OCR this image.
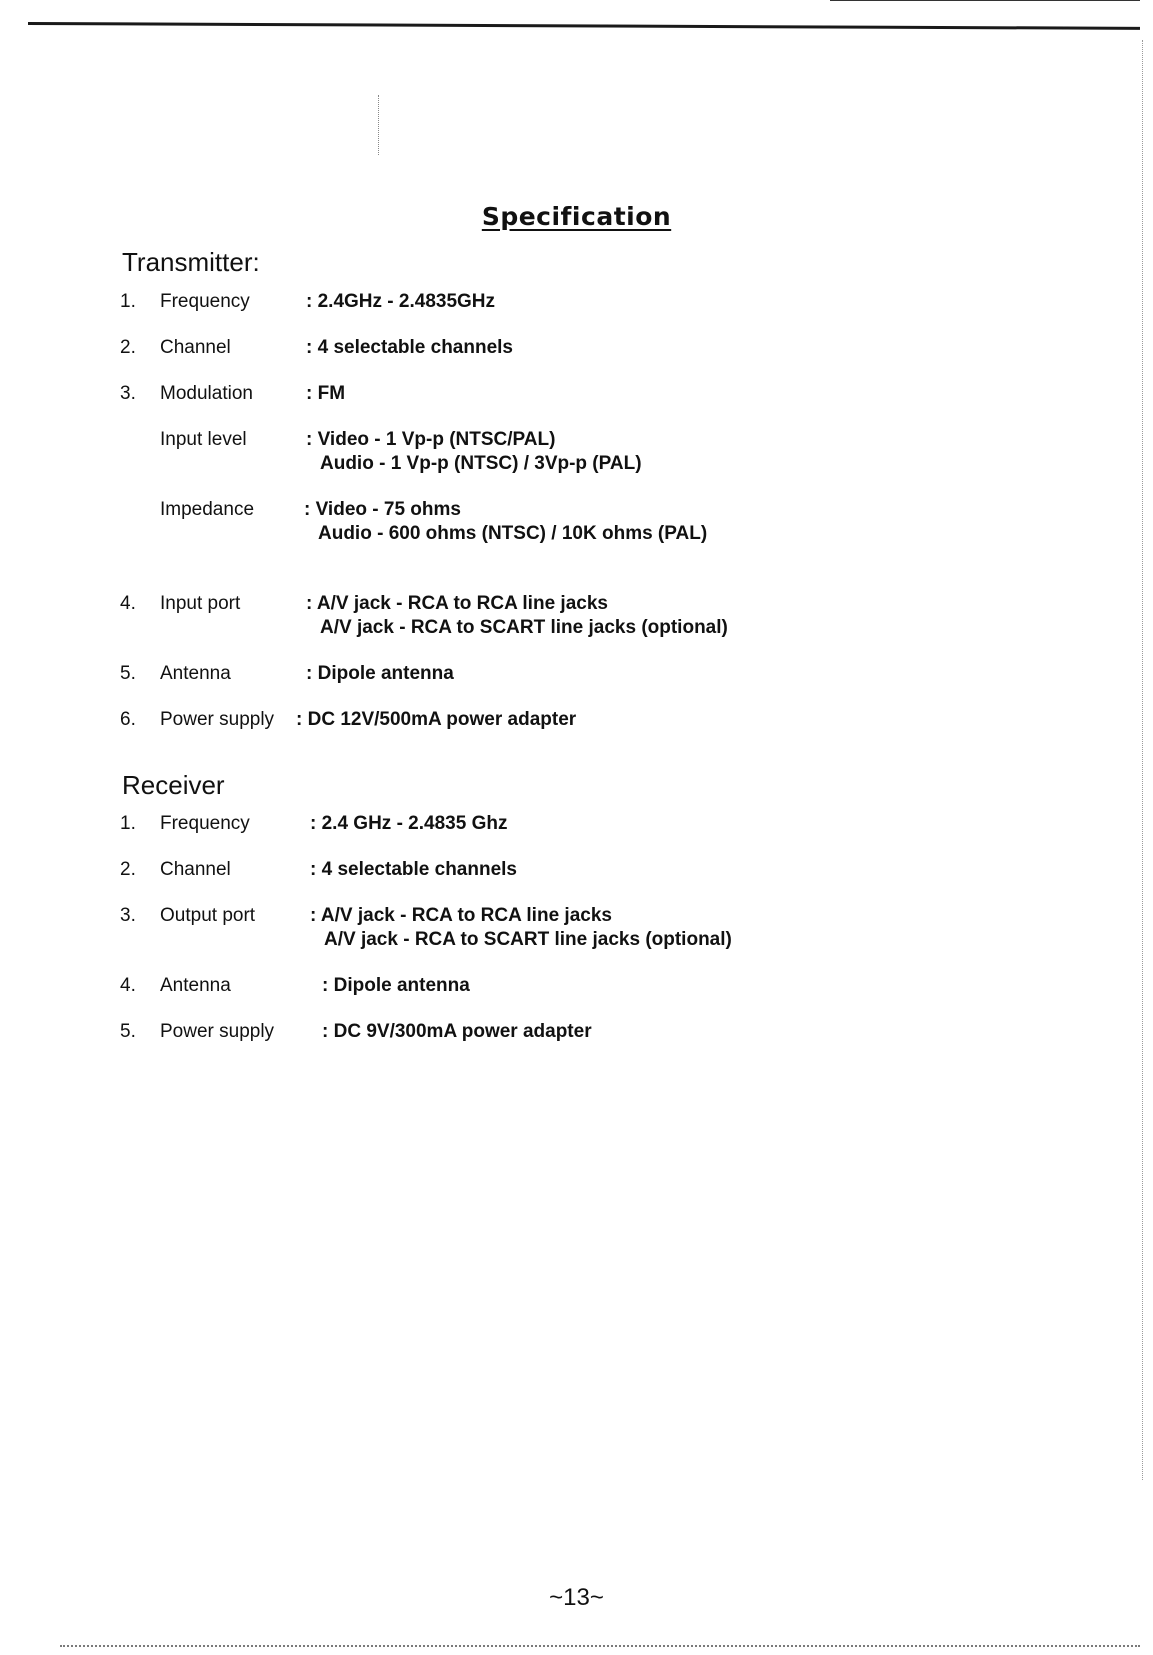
Specification
Transmitter:
1.	Frequency	: 2.4GHz - 2.4835GHz
2.	Channel	: 4 selectable channels
3.	Modulation	: FM
Input level	: Video - 1 Vp-p (NTSC/PAL)
Audio - 1 Vp-p (NTSC) / 3Vp-p (PAL)
Impedance	: Video - 75 ohms
Audio - 600 ohms (NTSC) / 10K ohms (PAL)
4.	Input port	: A/V jack - RCA to RCA line jacks
A/V jack - RCA to SCART line jacks (optional)
5.	Antenna	: Dipole antenna
6.	Power supply : DC 12V/500mA power adapter
Receiver
1.	Frequency	: 2.4 GHz - 2.4835 Ghz
2.	Channel	: 4 selectable channels
3.	Output port	: A/V jack - RCA to RCA line jacks
A/V jack - RCA to SCART line jacks (optional)
4.	Antenna	: Dipole antenna
5.	Power supply	: DC 9V/300mA power adapter
~13~
